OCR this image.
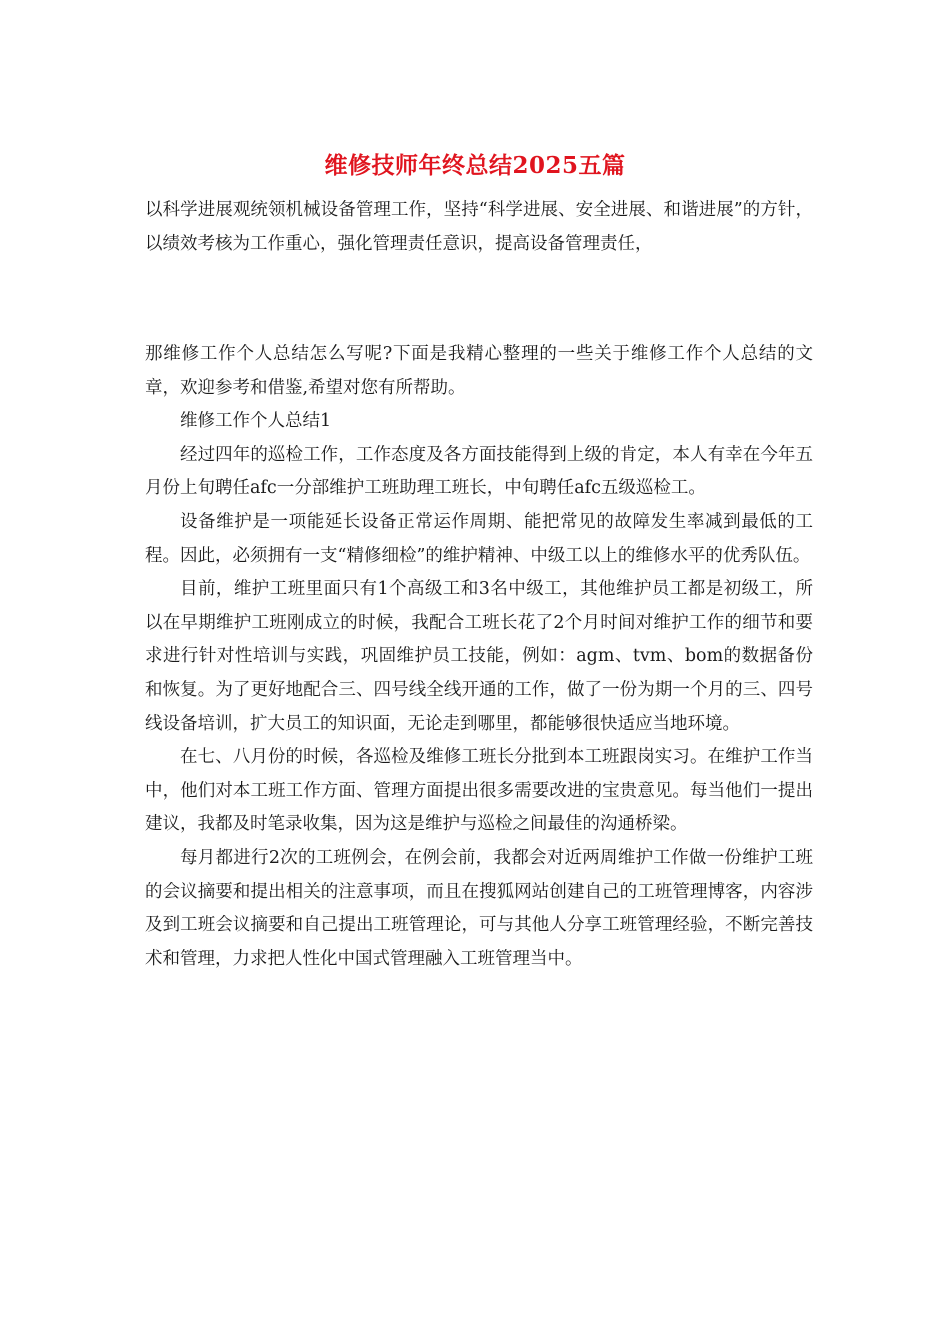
维修技师年终总结2025五篇

以科学进展观统领机械设备管理工作，坚持“科学进展、安全进展、和谐进展”的方针，以绩效考核为工作重心，强化管理责任意识，提高设备管理责任，

那维修工作个人总结怎么写呢?下面是我精心整理的一些关于维修工作个人总结的文章，欢迎参考和借鉴,希望对您有所帮助。

维修工作个人总结1

经过四年的巡检工作，工作态度及各方面技能得到上级的肯定，本人有幸在今年五月份上旬聘任afc一分部维护工班助理工班长，中旬聘任afc五级巡检工。

设备维护是一项能延长设备正常运作周期、能把常见的故障发生率减到最低的工程。因此，必须拥有一支“精修细检”的维护精神、中级工以上的维修水平的优秀队伍。

目前，维护工班里面只有1个高级工和3名中级工，其他维护员工都是初级工，所以在早期维护工班刚成立的时候，我配合工班长花了2个月时间对维护工作的细节和要求进行针对性培训与实践，巩固维护员工技能，例如：agm、tvm、bom的数据备份和恢复。为了更好地配合三、四号线全线开通的工作，做了一份为期一个月的三、四号线设备培训，扩大员工的知识面，无论走到哪里，都能够很快适应当地环境。

在七、八月份的时候，各巡检及维修工班长分批到本工班跟岗实习。在维护工作当中，他们对本工班工作方面、管理方面提出很多需要改进的宝贵意见。每当他们一提出建议，我都及时笔录收集，因为这是维护与巡检之间最佳的沟通桥梁。

每月都进行2次的工班例会，在例会前，我都会对近两周维护工作做一份维护工班的会议摘要和提出相关的注意事项，而且在搜狐网站创建自己的工班管理博客，内容涉及到工班会议摘要和自己提出工班管理论，可与其他人分享工班管理经验，不断完善技术和管理，力求把人性化中国式管理融入工班管理当中。
